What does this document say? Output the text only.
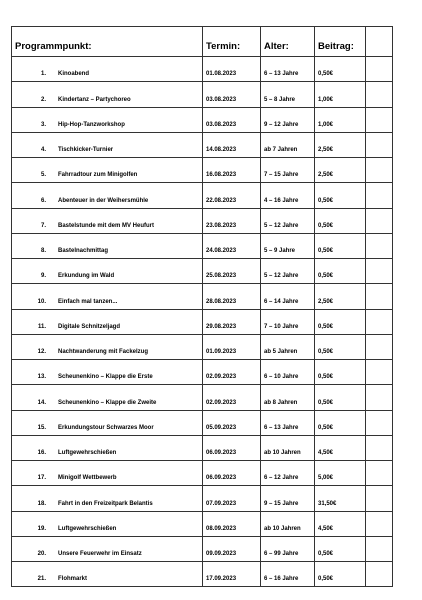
Programmpunkt:	Termin:	Alter:	Beitrag:	
1. Kinoabend	01.08.2023	6 – 13 Jahre	0,50€	
2. Kindertanz – Partychoreo	03.08.2023	5 – 8 Jahre	1,00€	
3. Hip-Hop-Tanzworkshop	03.08.2023	9 – 12 Jahre	1,00€	
4. Tischkicker-Turnier	14.08.2023	ab 7 Jahren	2,50€	
5. Fahrradtour zum Minigolfen	16.08.2023	7 – 15 Jahre	2,50€	
6. Abenteuer in der Weihersmühle	22.08.2023	4 – 16 Jahre	0,50€	
7. Bastelstunde mit dem MV Heufurt	23.08.2023	5 – 12 Jahre	0,50€	
8. Bastelnachmittag	24.08.2023	5 – 9 Jahre	0,50€	
9. Erkundung im Wald	25.08.2023	5 – 12 Jahre	0,50€	
10. Einfach mal tanzen...	28.08.2023	6 – 14 Jahre	2,50€	
11. Digitale Schnitzeljagd	29.08.2023	7 – 10 Jahre	0,50€	
12. Nachtwanderung mit Fackelzug	01.09.2023	ab 5 Jahren	0,50€	
13. Scheunenkino – Klappe die Erste	02.09.2023	6 – 10 Jahre	0,50€	
14. Scheunenkino – Klappe die Zweite	02.09.2023	ab 8 Jahren	0,50€	
15. Erkundungstour Schwarzes Moor	05.09.2023	6 – 13 Jahre	0,50€	
16. Luftgewehrschießen	06.09.2023	ab 10 Jahren	4,50€	
17. Minigolf Wettbewerb	06.09.2023	6 – 12 Jahre	5,00€	
18. Fahrt in den Freizeitpark Belantis	07.09.2023	9 – 15 Jahre	31,50€	
19. Luftgewehrschießen	08.09.2023	ab 10 Jahren	4,50€	
20. Unsere Feuerwehr im Einsatz	09.09.2023	6 – 99 Jahre	0,50€	
21. Flohmarkt	17.09.2023	6 – 16 Jahre	0,50€	
